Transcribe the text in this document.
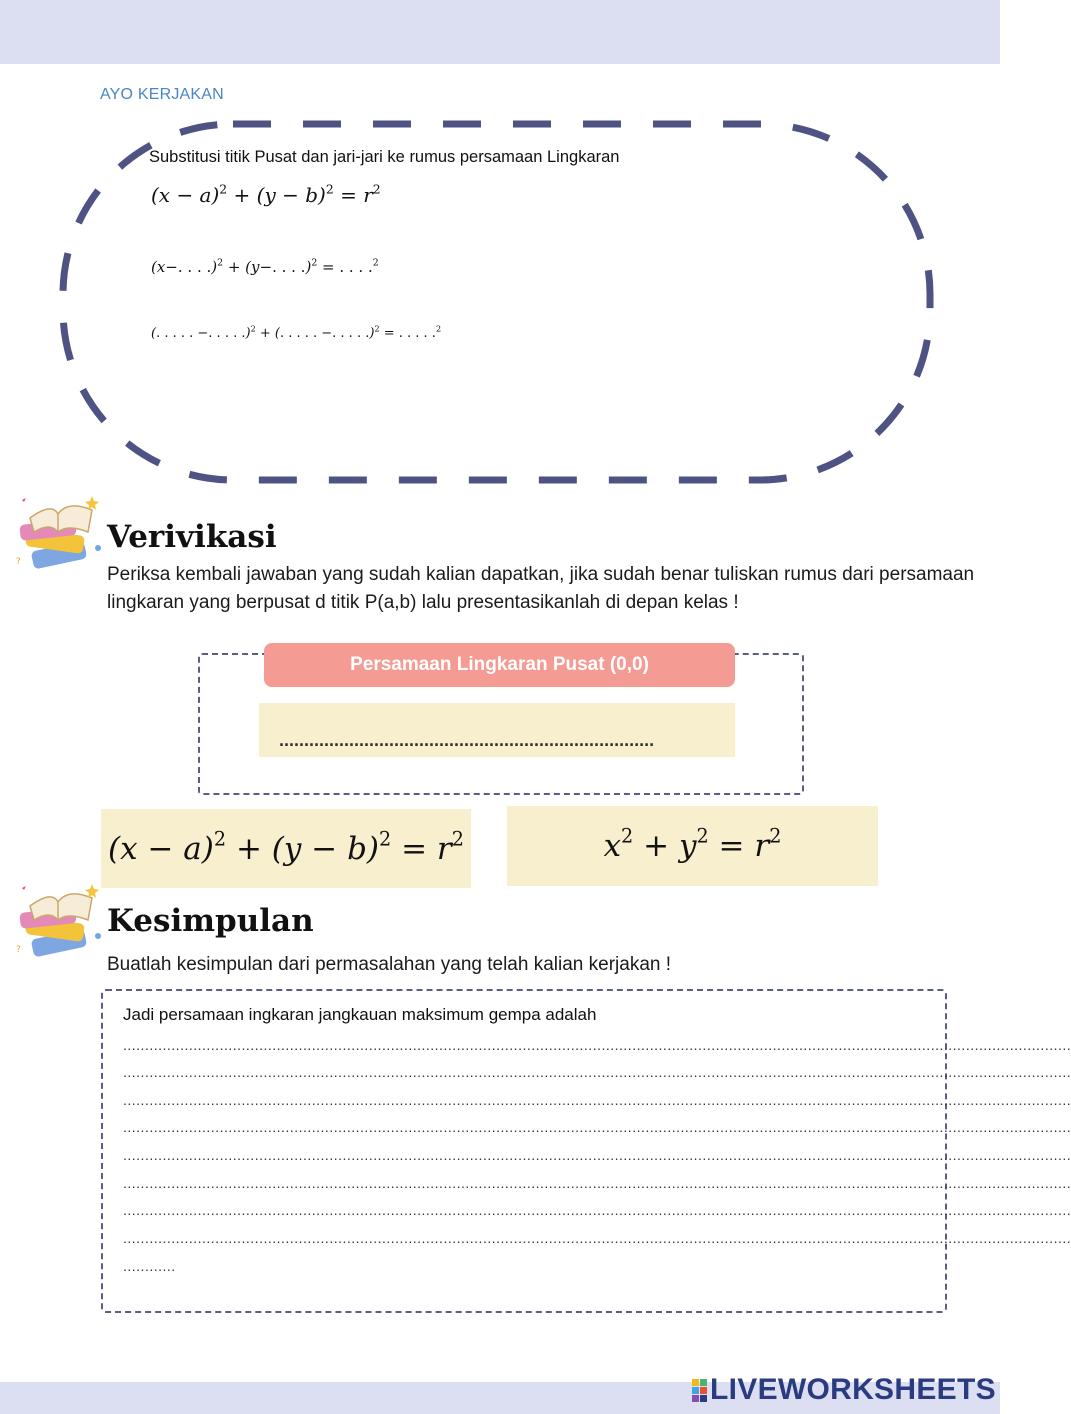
AYO KERJAKAN
Substitusi titik Pusat dan jari-jari ke rumus persamaan Lingkaran
$(x - a)^2 + (y - b)^2 = r^2$
(x−. . . .)$^2$ + (y−. . . .)$^2$ = . . . .$^2$
(. . . . . −. . . . .)$^2$ + (. . . . . −. . . . .)$^2$ = . . . . .$^2$
?
Verivikasi
Periksa kembali jawaban yang sudah kalian dapatkan, jika sudah benar tuliskan rumus dari persamaan lingkaran yang berpusat d titik P(a,b) lalu presentasikanlah di depan kelas !
Persamaan Lingkaran Pusat (0,0)
...........................................................................
$(x - a)^2 + (y - b)^2 = r^2$	$x^2 + y^2 = r^2$
?
Kesimpulan
Buatlah kesimpulan dari permasalahan yang telah kalian kerjakan !
Jadi persamaan ingkaran jangkauan maksimum gempa adalah
........................................................................................................................................................................................................................
........................................................................................................................................................................................................................
........................................................................................................................................................................................................................
........................................................................................................................................................................................................................
........................................................................................................................................................................................................................
........................................................................................................................................................................................................................
........................................................................................................................................................................................................................
........................................................................................................................................................................................................................
............
LIVEWORKSHEETS
